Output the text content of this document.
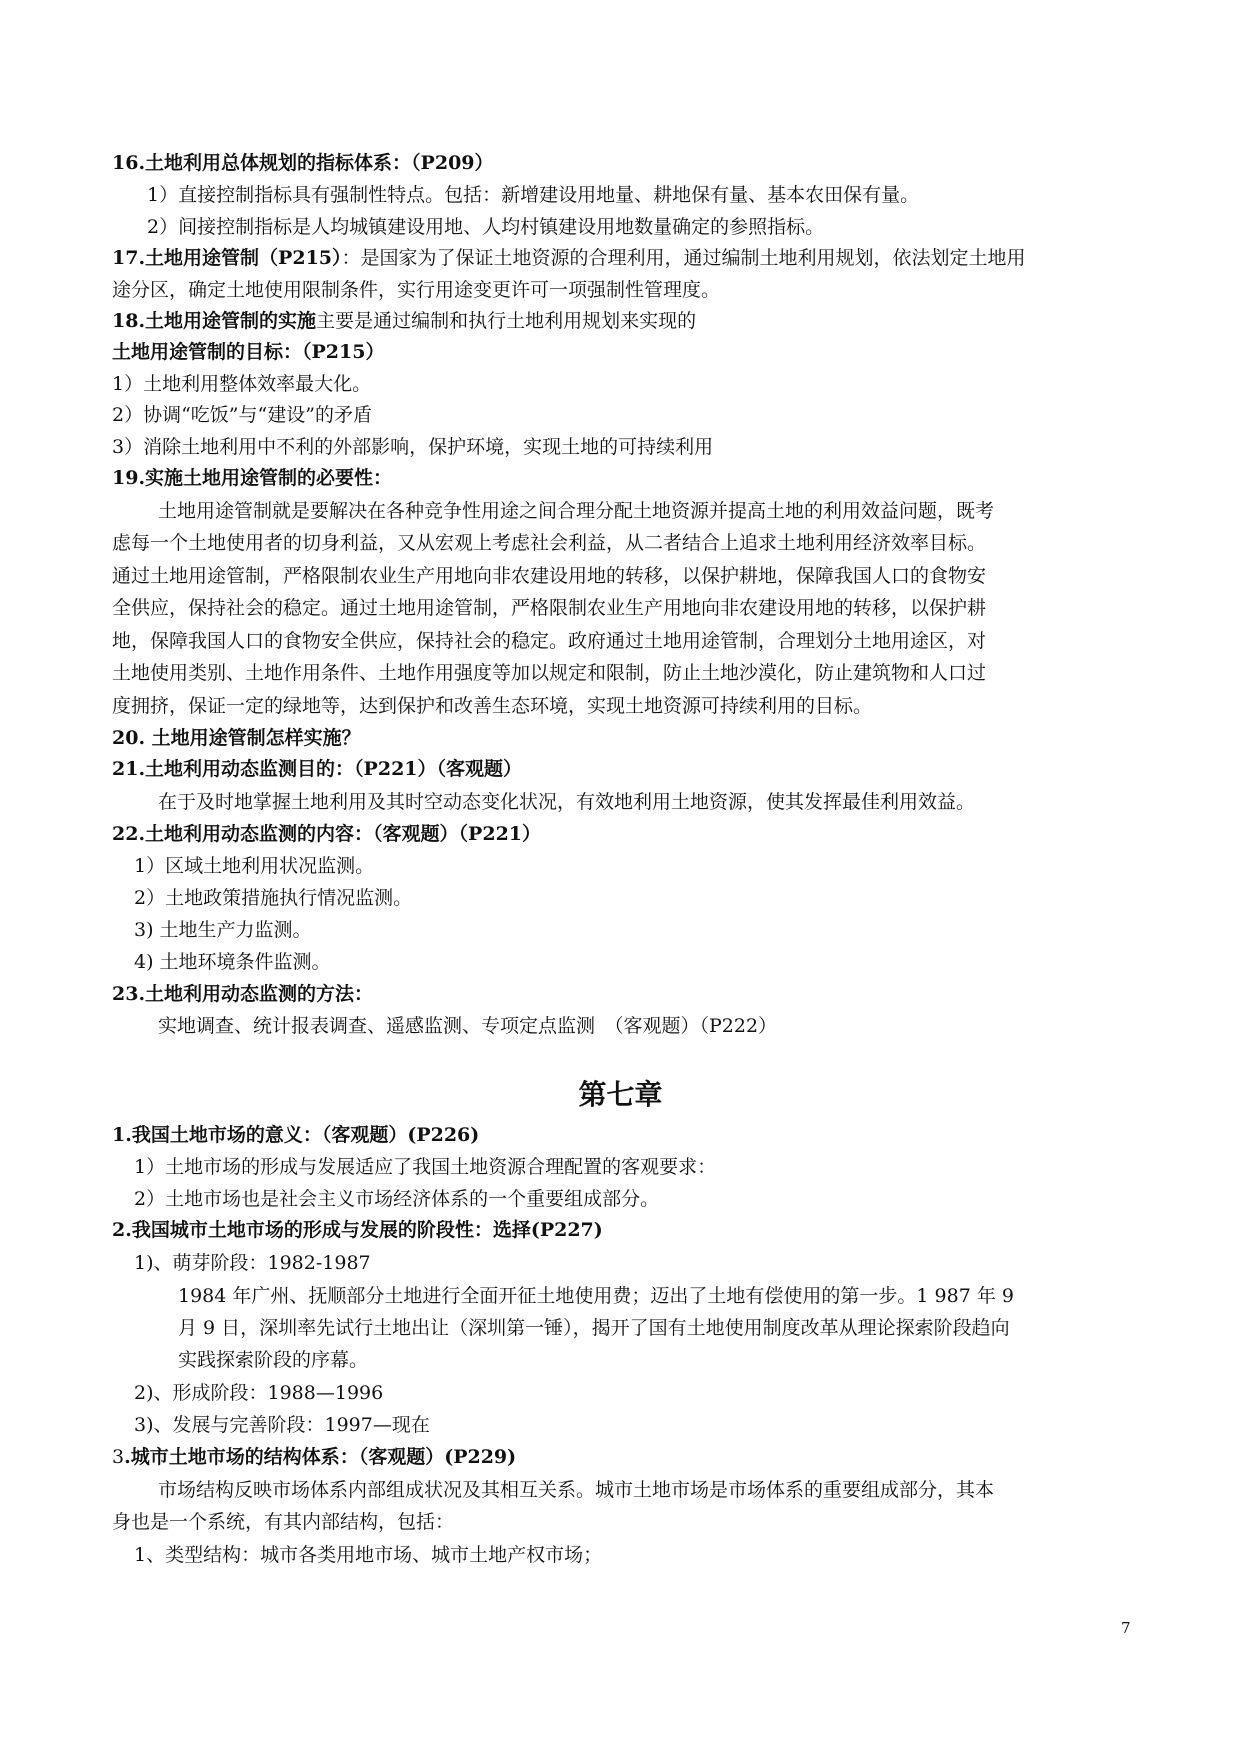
16.土地利用总体规划的指标体系：（P209）
1）直接控制指标具有强制性特点。包括：新增建设用地量、耕地保有量、基本农田保有量。
2）间接控制指标是人均城镇建设用地、人均村镇建设用地数量确定的参照指标。
17.土地用途管制（P215）：是国家为了保证土地资源的合理利用，通过编制土地利用规划，依法划定土地用
途分区，确定土地使用限制条件，实行用途变更许可一项强制性管理度。
18.土地用途管制的实施主要是通过编制和执行土地利用规划来实现的
土地用途管制的目标：（P215）
1）土地利用整体效率最大化。
2）协调“吃饭”与“建设”的矛盾
3）消除土地利用中不利的外部影响，保护环境，实现土地的可持续利用
19.实施土地用途管制的必要性：
土地用途管制就是要解决在各种竞争性用途之间合理分配土地资源并提高土地的利用效益问题，既考
虑每一个土地使用者的切身利益，又从宏观上考虑社会利益，从二者结合上追求土地利用经济效率目标。
通过土地用途管制，严格限制农业生产用地向非农建设用地的转移，以保护耕地，保障我国人口的食物安
全供应，保持社会的稳定。通过土地用途管制，严格限制农业生产用地向非农建设用地的转移，以保护耕
地，保障我国人口的食物安全供应，保持社会的稳定。政府通过土地用途管制，合理划分土地用途区，对
土地使用类别、土地作用条件、土地作用强度等加以规定和限制，防止土地沙漠化，防止建筑物和人口过
度拥挤，保证一定的绿地等，达到保护和改善生态环境，实现土地资源可持续利用的目标。
20. 土地用途管制怎样实施？
21.土地利用动态监测目的：（P221）（客观题）
在于及时地掌握土地利用及其时空动态变化状况，有效地利用土地资源，使其发挥最佳利用效益。
22.土地利用动态监测的内容：（客观题）（P221）
1）区域土地利用状况监测。
2）土地政策措施执行情况监测。
3) 土地生产力监测。
4) 土地环境条件监测。
23.土地利用动态监测的方法：
实地调查、统计报表调查、遥感监测、专项定点监测　（客观题）（P222）
第七章
1.我国土地市场的意义：（客观题）(P226)
1）土地市场的形成与发展适应了我国土地资源合理配置的客观要求：
2）土地市场也是社会主义市场经济体系的一个重要组成部分。
2.我国城市土地市场的形成与发展的阶段性：选择(P227)
1)、萌芽阶段：1982-1987
1984 年广州、抚顺部分土地进行全面开征土地使用费；迈出了土地有偿使用的第一步。1 987 年 9
月 9 日，深圳率先试行土地出让（深圳第一锤），揭开了国有土地使用制度改革从理论探索阶段趋向
实践探索阶段的序幕。
2)、形成阶段：1988—1996
3)、发展与完善阶段：1997—现在
3.城市土地市场的结构体系：（客观题）(P229)
市场结构反映市场体系内部组成状况及其相互关系。城市土地市场是市场体系的重要组成部分，其本
身也是一个系统，有其内部结构，包括：
1、类型结构：城市各类用地市场、城市土地产权市场；
7
